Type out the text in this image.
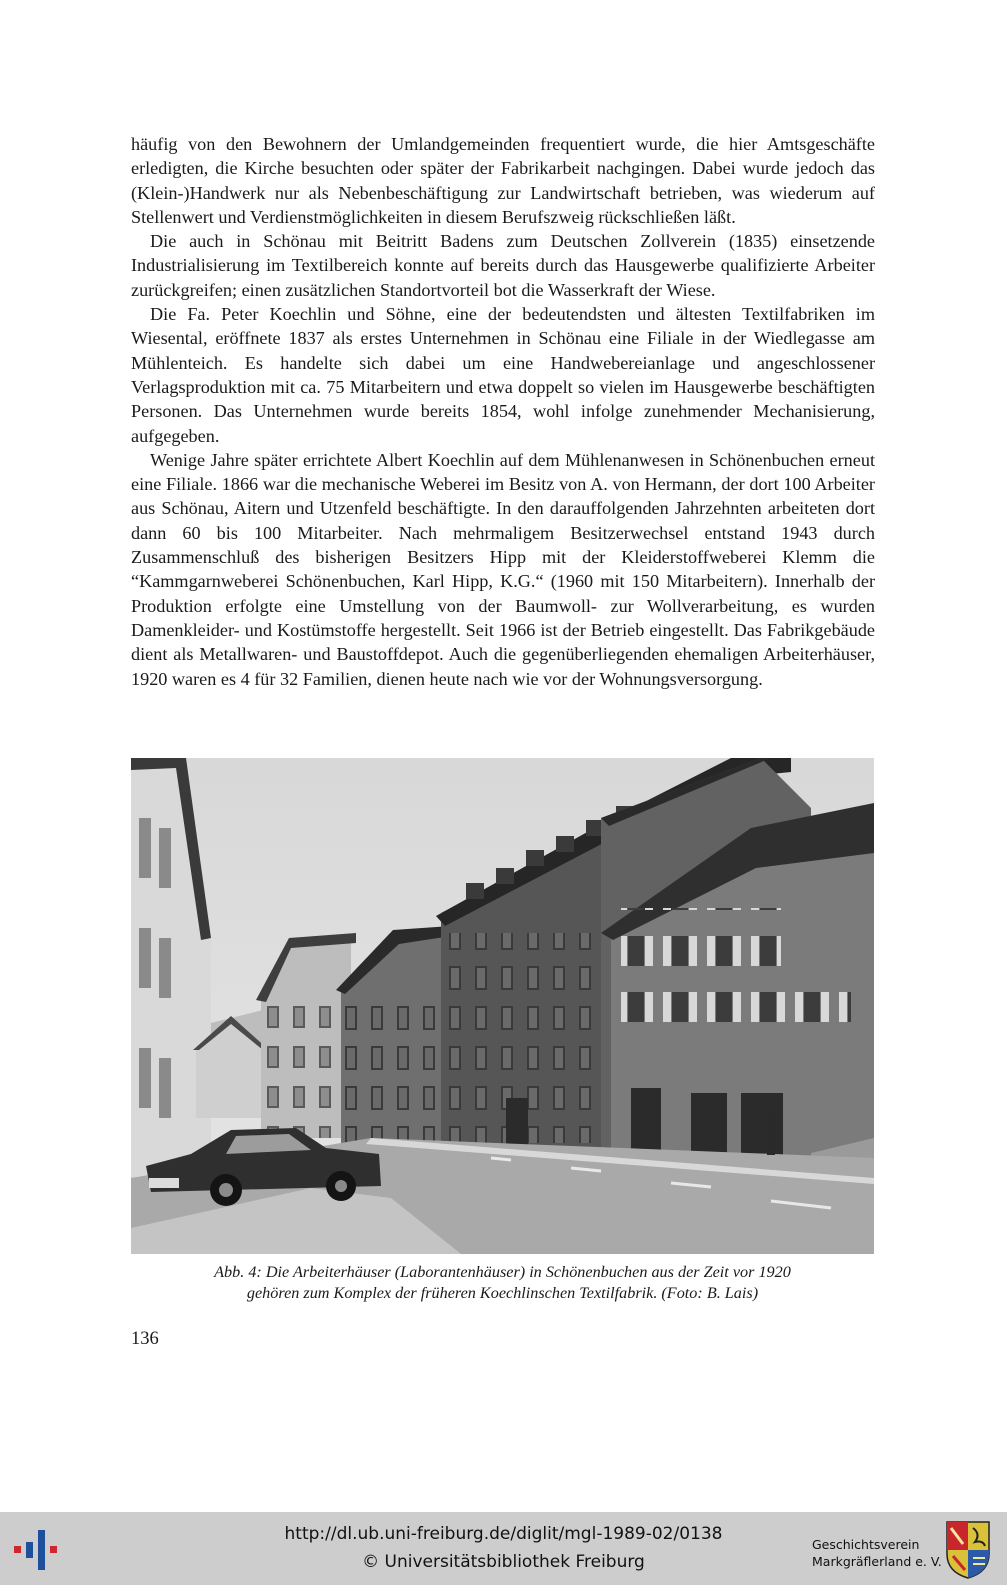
häufig von den Bewohnern der Umlandgemeinden frequentiert wurde, die hier Amtsgeschäfte erledigten, die Kirche besuchten oder später der Fabrikarbeit nachgingen. Dabei wurde jedoch das (Klein-)Handwerk nur als Nebenbeschäftigung zur Landwirtschaft betrieben, was wiederum auf Stellenwert und Verdienstmöglichkeiten in diesem Berufszweig rückschließen läßt.

Die auch in Schönau mit Beitritt Badens zum Deutschen Zollverein (1835) einsetzende Industrialisierung im Textilbereich konnte auf bereits durch das Hausgewerbe qualifizierte Arbeiter zurückgreifen; einen zusätzlichen Standortvorteil bot die Wasserkraft der Wiese.

Die Fa. Peter Koechlin und Söhne, eine der bedeutendsten und ältesten Textilfabriken im Wiesental, eröffnete 1837 als erstes Unternehmen in Schönau eine Filiale in der Wiedlegasse am Mühlenteich. Es handelte sich dabei um eine Handwebereianlage und angeschlossener Verlagsproduktion mit ca. 75 Mitarbeitern und etwa doppelt so vielen im Hausgewerbe beschäftigten Personen. Das Unternehmen wurde bereits 1854, wohl infolge zunehmender Mechanisierung, aufgegeben.

Wenige Jahre später errichtete Albert Koechlin auf dem Mühlenanwesen in Schönenbuchen erneut eine Filiale. 1866 war die mechanische Weberei im Besitz von A. von Hermann, der dort 100 Arbeiter aus Schönau, Aitern und Utzenfeld beschäftigte. In den darauffolgenden Jahrzehnten arbeiteten dort dann 60 bis 100 Mitarbeiter. Nach mehrmaligem Besitzerwechsel entstand 1943 durch Zusammenschluß des bisherigen Besitzers Hipp mit der Kleiderstoffweberei Klemm die “Kammgarnweberei Schönenbuchen, Karl Hipp, K.G.“ (1960 mit 150 Mitarbeitern). Innerhalb der Produktion erfolgte eine Umstellung von der Baumwoll- zur Wollverarbeitung, es wurden Damenkleider- und Kostümstoffe hergestellt. Seit 1966 ist der Betrieb eingestellt. Das Fabrikgebäude dient als Metallwaren- und Baustoffdepot. Auch die gegenüberliegenden ehemaligen Arbeiterhäuser, 1920 waren es 4 für 32 Familien, dienen heute nach wie vor der Wohnungsversorgung.

Abb. 4: Die Arbeiterhäuser (Laborantenhäuser) in Schönenbuchen aus der Zeit vor 1920
gehören zum Komplex der früheren Koechlinschen Textilfabrik. (Foto: B. Lais)
136
http://dl.ub.uni-freiburg.de/diglit/mgl-1989-02/0138
© Universitätsbibliothek Freiburg
Geschichtsverein
Markgräflerland e. V.
